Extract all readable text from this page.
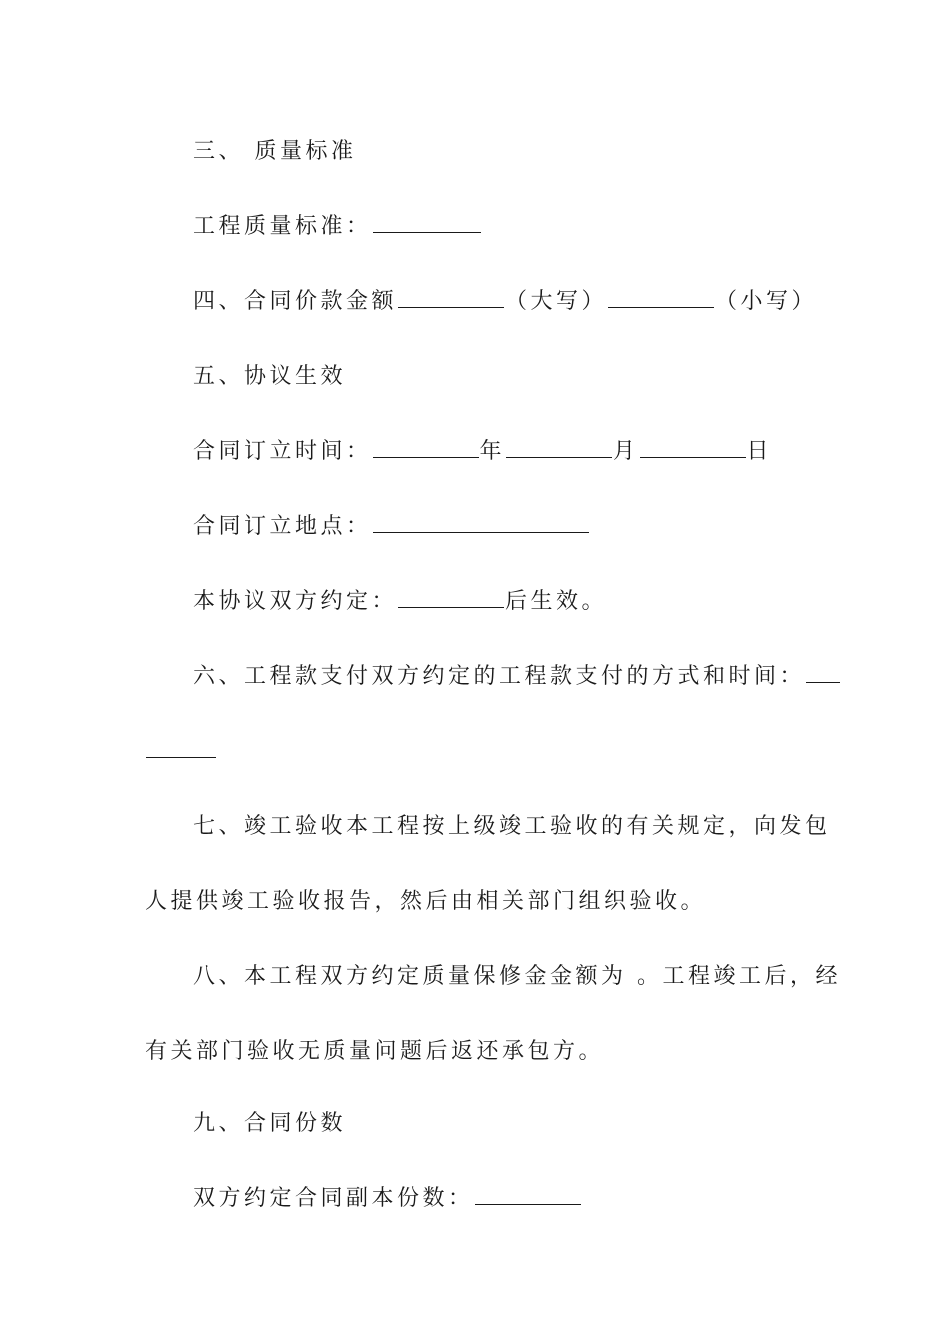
三、 质量标准
工程质量标准：
四、合同价款金额	（大写）	（小写）
五、协议生效
合同订立时间：	年	月	日
合同订立地点：
本协议双方约定：	后生效。
六、工程款支付双方约定的工程款支付的方式和时间：
七、竣工验收本工程按上级竣工验收的有关规定，向发包
人提供竣工验收报告，然后由相关部门组织验收。
八、本工程双方约定质量保修金金额为 。工程竣工后，经
有关部门验收无质量问题后返还承包方。
九、合同份数
双方约定合同副本份数：
